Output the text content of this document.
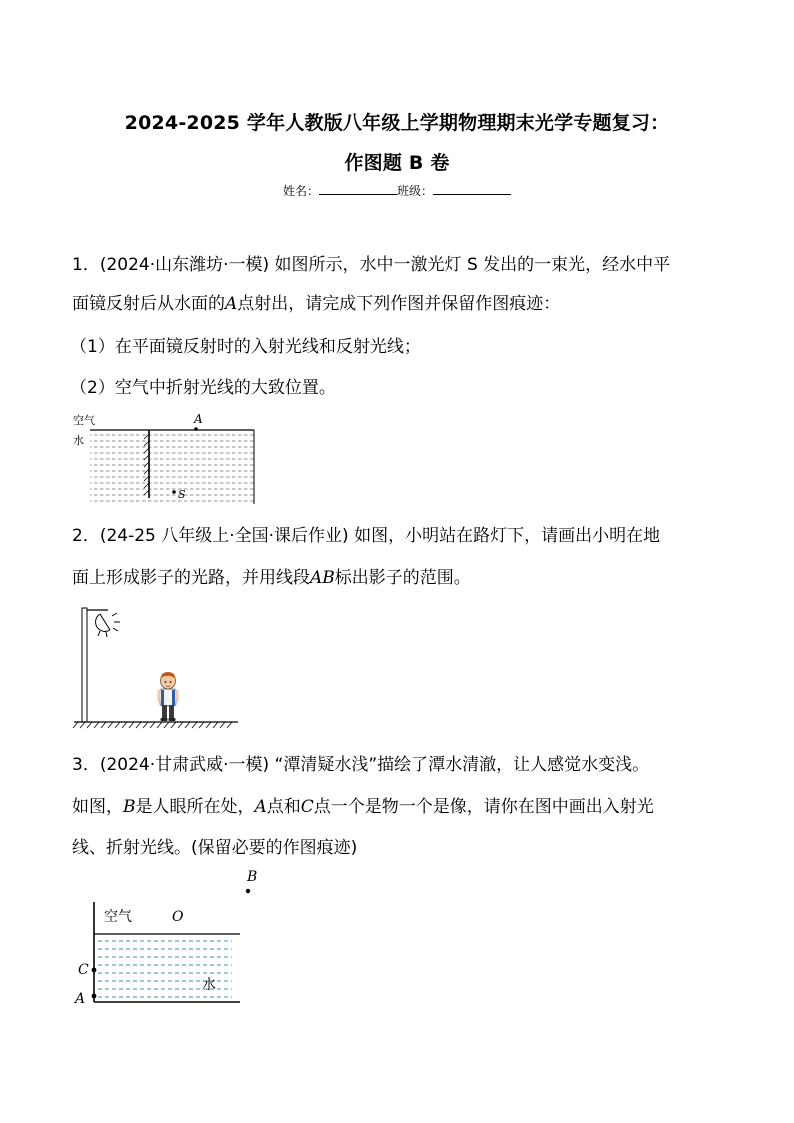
2024-2025 学年人教版八年级上学期物理期末光学专题复习：
作图题 B 卷
姓名：	班级：
1．(2024·山东潍坊·一模) 如图所示，水中一激光灯 S 发出的一束光，经水中平
面镜反射后从水面的A点射出，请完成下列作图并保留作图痕迹：
（1）在平面镜反射时的入射光线和反射光线；
（2）空气中折射光线的大致位置。
空气
水
A
S
2．(24-25 八年级上·全国·课后作业) 如图，小明站在路灯下，请画出小明在地
面上形成影子的光路，并用线段AB标出影子的范围。
3．(2024·甘肃武威·一模) “潭清疑水浅”描绘了潭水清澈，让人感觉水变浅。
如图，B是人眼所在处，A点和C点一个是物一个是像，请你在图中画出入射光
线、折射光线。(保留必要的作图痕迹)
空气	O
B
C
A
水
